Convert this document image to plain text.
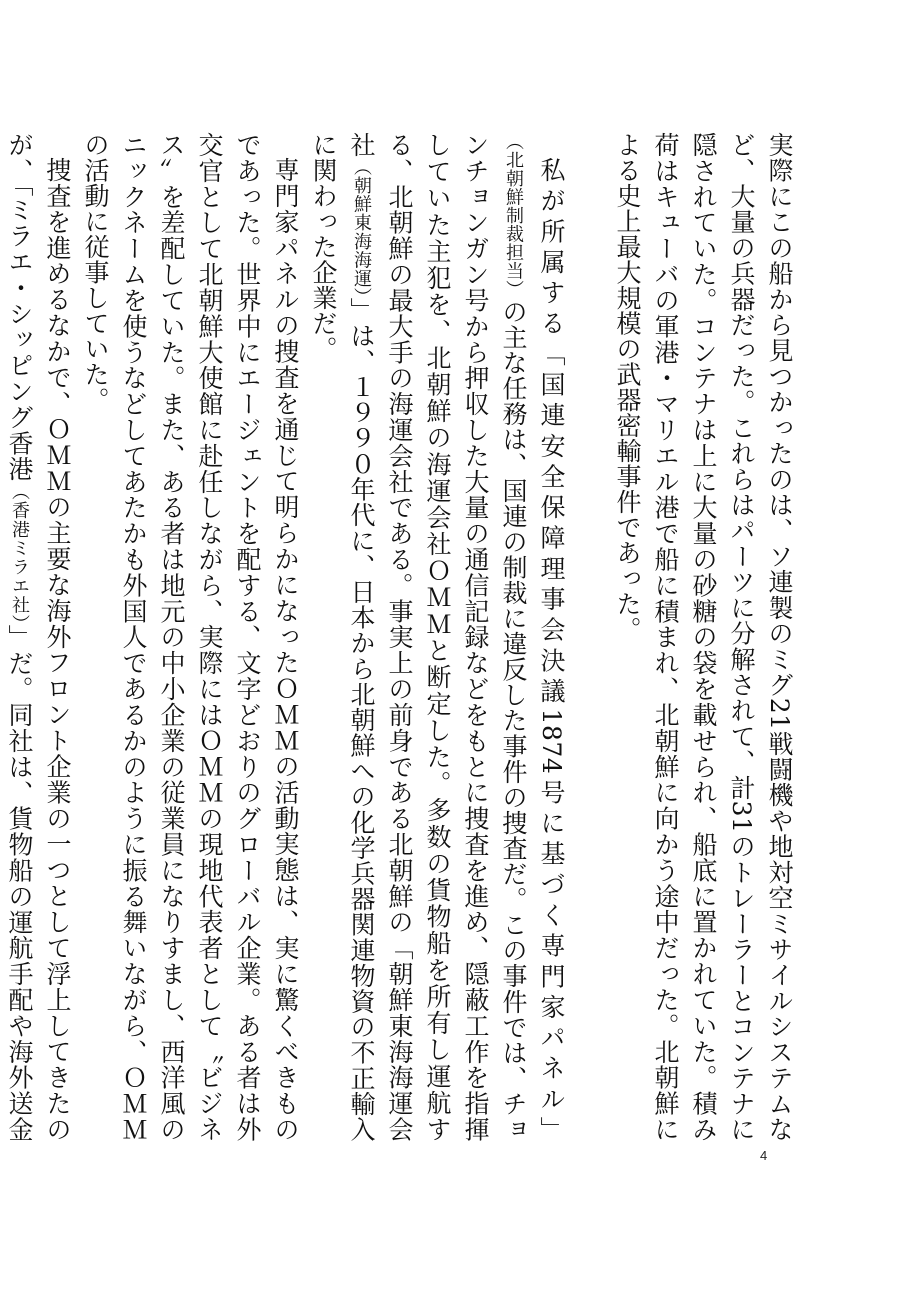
実際にこの船から見つかったのは、ソ連製のミグ21戦闘機や地対空ミサイルシステムなど、大量の兵器だった。これらはパーツに分解されて、計31のトレーラーとコンテナに隠されていた。コンテナは上に大量の砂糖の袋を載せられ、船底に置かれていた。積み荷はキューバの軍港・マリエル港で船に積まれ、北朝鮮に向かう途中だった。北朝鮮による史上最大規模の武器密輸事件であった。

私が所属する「国連安全保障理事会決議1874号に基づく専門家パネル」（北朝鮮制裁担当）の主な任務は、国連の制裁に違反した事件の捜査だ。この事件では、チョンチョンガン号から押収した大量の通信記録などをもとに捜査を進め、隠蔽工作を指揮していた主犯を、北朝鮮の海運会社ＯＭＭと断定した。多数の貨物船を所有し運航する、北朝鮮の最大手の海運会社である。事実上の前身である北朝鮮の「朝鮮東海海運会社（朝鮮東海海運）」は、１９９０年代に、日本から北朝鮮への化学兵器関連物資の不正輸入に関わった企業だ。

専門家パネルの捜査を通じて明らかになったＯＭＭの活動実態は、実に驚くべきものであった。世界中にエージェントを配する、文字どおりのグローバル企業。ある者は外交官として北朝鮮大使館に赴任しながら、実際にはＯＭＭの現地代表者として〝ビジネス〟を差配していた。また、ある者は地元の中小企業の従業員になりすまし、西洋風のニックネームを使うなどしてあたかも外国人であるかのように振る舞いながら、ＯＭＭの活動に従事していた。

捜査を進めるなかで、ＯＭＭの主要な海外フロント企業の一つとして浮上してきたのが、「ミラエ・シッピング香港（香港ミラエ社）」だ。同社は、貨物船の運航手配や海外送金

4
